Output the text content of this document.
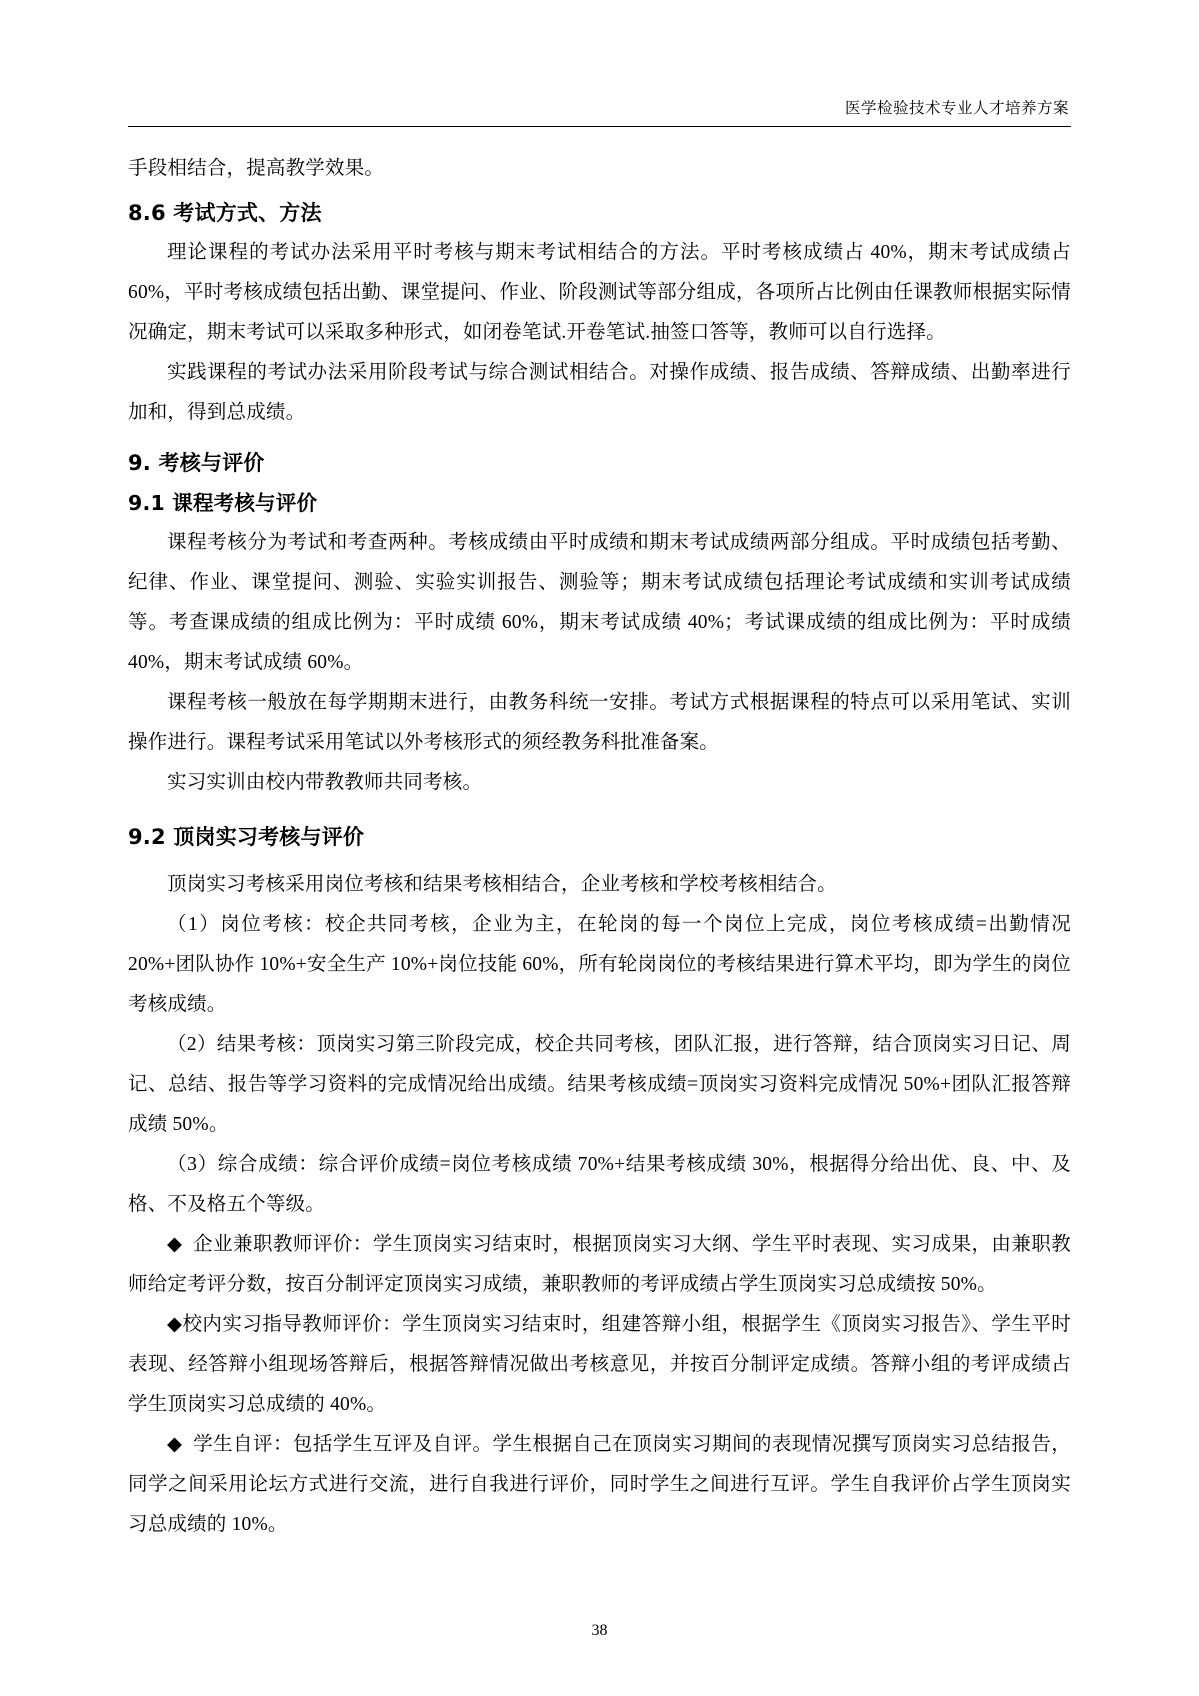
医学检验技术专业人才培养方案

手段相结合，提高教学效果。

8.6 考试方式、方法

理论课程的考试办法采用平时考核与期末考试相结合的方法。平时考核成绩占 40%，期末考试成绩占 60%，平时考核成绩包括出勤、课堂提问、作业、阶段测试等部分组成，各项所占比例由任课教师根据实际情况确定，期末考试可以采取多种形式，如闭卷笔试.开卷笔试.抽签口答等，教师可以自行选择。

实践课程的考试办法采用阶段考试与综合测试相结合。对操作成绩、报告成绩、答辩成绩、出勤率进行加和，得到总成绩。

9. 考核与评价
9.1 课程考核与评价

课程考核分为考试和考查两种。考核成绩由平时成绩和期末考试成绩两部分组成。平时成绩包括考勤、纪律、作业、课堂提问、测验、实验实训报告、测验等；期末考试成绩包括理论考试成绩和实训考试成绩等。考查课成绩的组成比例为：平时成绩 60%，期末考试成绩 40%；考试课成绩的组成比例为：平时成绩 40%，期末考试成绩 60%。

课程考核一般放在每学期期末进行，由教务科统一安排。考试方式根据课程的特点可以采用笔试、实训操作进行。课程考试采用笔试以外考核形式的须经教务科批准备案。

实习实训由校内带教教师共同考核。

9.2 顶岗实习考核与评价

顶岗实习考核采用岗位考核和结果考核相结合，企业考核和学校考核相结合。

（1）岗位考核：校企共同考核，企业为主，在轮岗的每一个岗位上完成，岗位考核成绩=出勤情况 20%+团队协作 10%+安全生产 10%+岗位技能 60%，所有轮岗岗位的考核结果进行算术平均，即为学生的岗位考核成绩。

（2）结果考核：顶岗实习第三阶段完成，校企共同考核，团队汇报，进行答辩，结合顶岗实习日记、周记、总结、报告等学习资料的完成情况给出成绩。结果考核成绩=顶岗实习资料完成情况 50%+团队汇报答辩成绩 50%。

（3）综合成绩：综合评价成绩=岗位考核成绩 70%+结果考核成绩 30%，根据得分给出优、良、中、及格、不及格五个等级。

◆ 企业兼职教师评价：学生顶岗实习结束时，根据顶岗实习大纲、学生平时表现、实习成果，由兼职教师给定考评分数，按百分制评定顶岗实习成绩，兼职教师的考评成绩占学生顶岗实习总成绩按 50%。

◆校内实习指导教师评价：学生顶岗实习结束时，组建答辩小组，根据学生《顶岗实习报告》、学生平时表现、经答辩小组现场答辩后，根据答辩情况做出考核意见，并按百分制评定成绩。答辩小组的考评成绩占学生顶岗实习总成绩的 40%。

◆ 学生自评：包括学生互评及自评。学生根据自己在顶岗实习期间的表现情况撰写顶岗实习总结报告，同学之间采用论坛方式进行交流，进行自我进行评价，同时学生之间进行互评。学生自我评价占学生顶岗实习总成绩的 10%。

38
